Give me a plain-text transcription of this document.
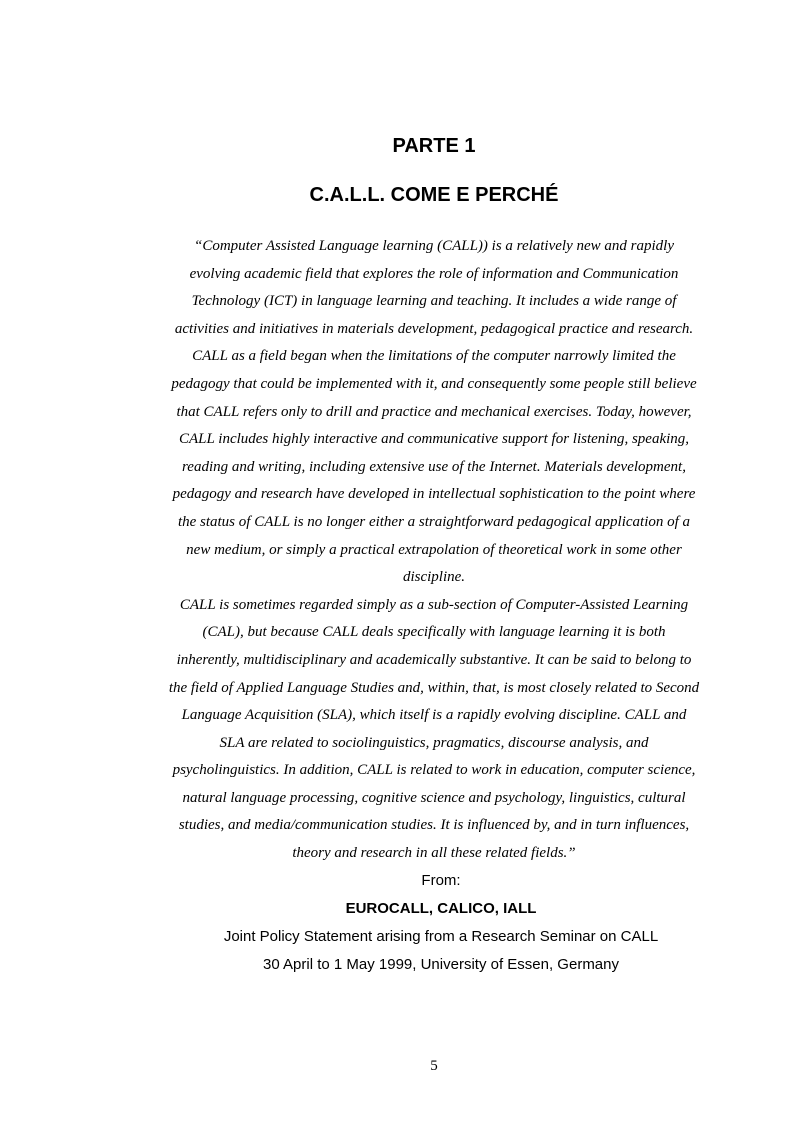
PARTE 1
C.A.L.L. COME E PERCHÉ
“Computer Assisted Language learning (CALL)) is a relatively new and rapidly
evolving academic field that explores the role of information and Communication
Technology (ICT) in language learning and teaching. It includes a wide range of
activities and initiatives in materials development, pedagogical practice and research.
CALL as a field began when the limitations of the computer narrowly limited the
pedagogy that could be implemented with it, and consequently some people still believe
that CALL refers only to drill and practice and mechanical exercises. Today, however,
CALL includes highly interactive and communicative support for listening, speaking,
reading and writing, including extensive use of the Internet. Materials development,
pedagogy and research have developed in intellectual sophistication to the point where
the status of CALL is no longer either a straightforward pedagogical application of a
new medium, or simply a practical extrapolation of theoretical work in some other
discipline.
CALL is sometimes regarded simply as a sub-section of Computer-Assisted Learning
(CAL), but because CALL deals specifically with language learning it is both
inherently, multidisciplinary and academically substantive. It can be said to belong to
the field of Applied Language Studies and, within, that, is most closely related to Second
Language Acquisition (SLA), which itself is a rapidly evolving discipline. CALL and
SLA are related to sociolinguistics, pragmatics, discourse analysis, and
psycholinguistics. In addition, CALL is related to work in education, computer science,
natural language processing, cognitive science and psychology, linguistics, cultural
studies, and media/communication studies. It is influenced by, and in turn influences,
theory and research in all these related fields.”
From:
EUROCALL, CALICO, IALL
Joint Policy Statement arising from a Research Seminar on CALL
30 April to 1 May 1999, University of Essen, Germany
5
